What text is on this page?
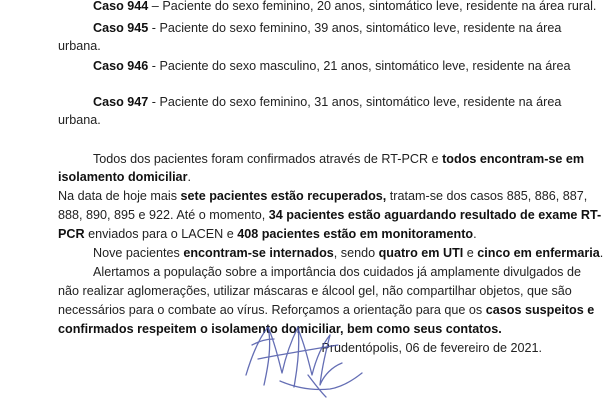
Caso 944 – Paciente do sexo feminino, 20 anos, sintomático leve, residente na área rural.
Caso 945 - Paciente do sexo feminino, 39 anos, sintomático leve, residente na área
urbana.
Caso 946 - Paciente do sexo masculino, 21 anos, sintomático leve, residente na área
Caso 947 - Paciente do sexo feminino, 31 anos, sintomático leve, residente na área
urbana.
Todos dos pacientes foram confirmados através de RT-PCR e todos encontram-se em
isolamento domiciliar.
Na data de hoje mais sete pacientes estão recuperados, tratam-se dos casos 885, 886, 887,
888, 890, 895 e 922. Até o momento, 34 pacientes estão aguardando resultado de exame RT-
PCR enviados para o LACEN e 408 pacientes estão em monitoramento.
Nove pacientes encontram-se internados, sendo quatro em UTI e cinco em enfermaria.
Alertamos a população sobre a importância dos cuidados já amplamente divulgados de
não realizar aglomerações, utilizar máscaras e álcool gel, não compartilhar objetos, que são
necessários para o combate ao vírus. Reforçamos a orientação para que os casos suspeitos e
confirmados respeitem o isolamento domiciliar, bem como seus contatos.
Prudentópolis, 06 de fevereiro de 2021.
